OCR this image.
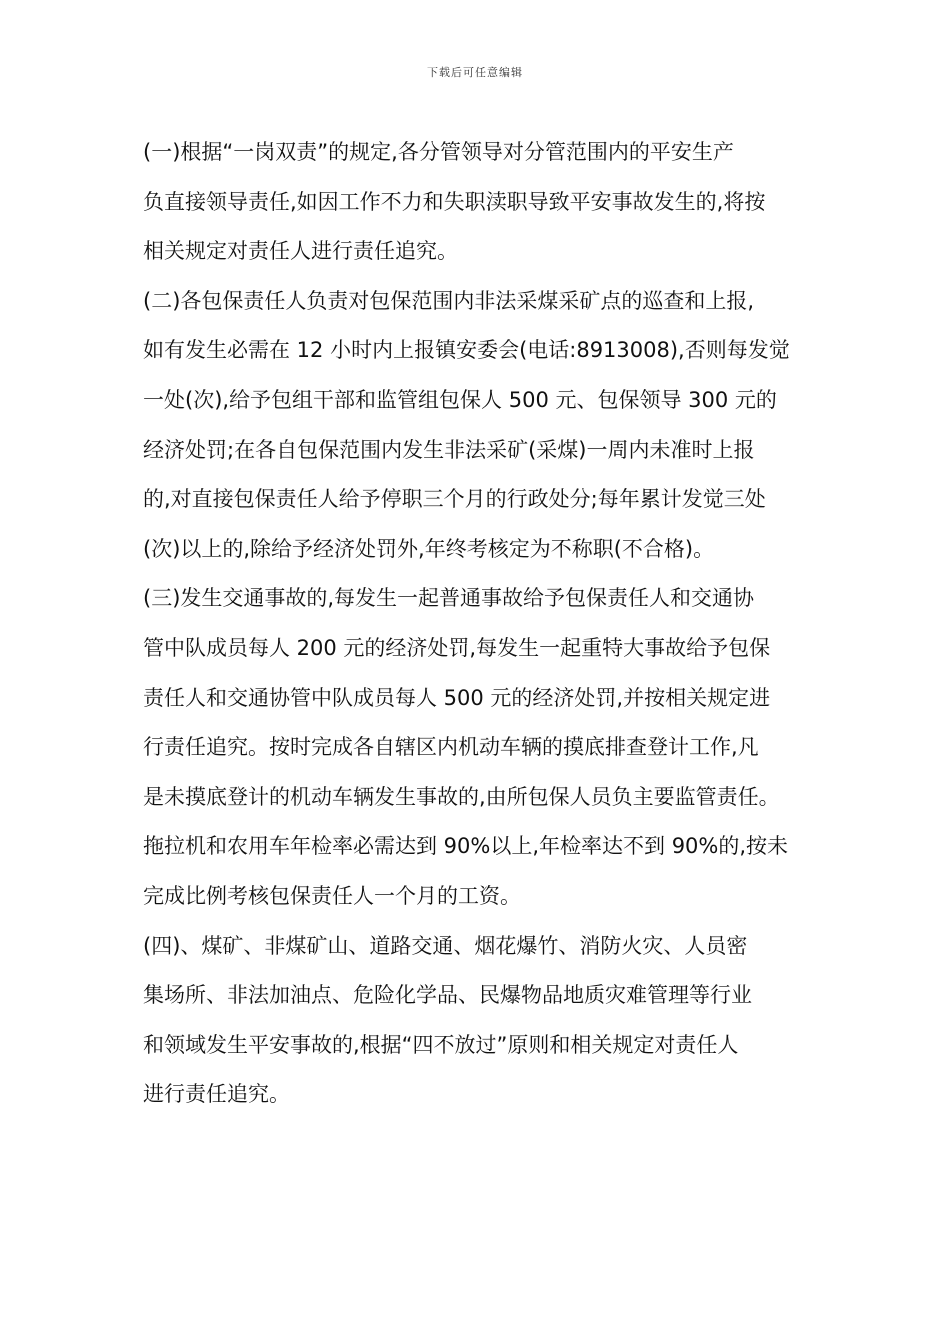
下载后可任意编辑
(一)根据“一岗双责”的规定,各分管领导对分管范围内的平安生产
负直接领导责任,如因工作不力和失职渎职导致平安事故发生的,将按
相关规定对责任人进行责任追究。
(二)各包保责任人负责对包保范围内非法采煤采矿点的巡查和上报,
如有发生必需在 12 小时内上报镇安委会(电话:8913008),否则每发觉
一处(次),给予包组干部和监管组包保人 500 元、包保领导 300 元的
经济处罚;在各自包保范围内发生非法采矿(采煤)一周内未准时上报
的,对直接包保责任人给予停职三个月的行政处分;每年累计发觉三处
(次)以上的,除给予经济处罚外,年终考核定为不称职(不合格)。
(三)发生交通事故的,每发生一起普通事故给予包保责任人和交通协
管中队成员每人 200 元的经济处罚,每发生一起重特大事故给予包保
责任人和交通协管中队成员每人 500 元的经济处罚,并按相关规定进
行责任追究。按时完成各自辖区内机动车辆的摸底排查登计工作,凡
是未摸底登计的机动车辆发生事故的,由所包保人员负主要监管责任。
拖拉机和农用车年检率必需达到 90%以上,年检率达不到 90%的,按未
完成比例考核包保责任人一个月的工资。
(四)、煤矿、非煤矿山、道路交通、烟花爆竹、消防火灾、人员密
集场所、非法加油点、危险化学品、民爆物品地质灾难管理等行业
和领域发生平安事故的,根据“四不放过”原则和相关规定对责任人
进行责任追究。
